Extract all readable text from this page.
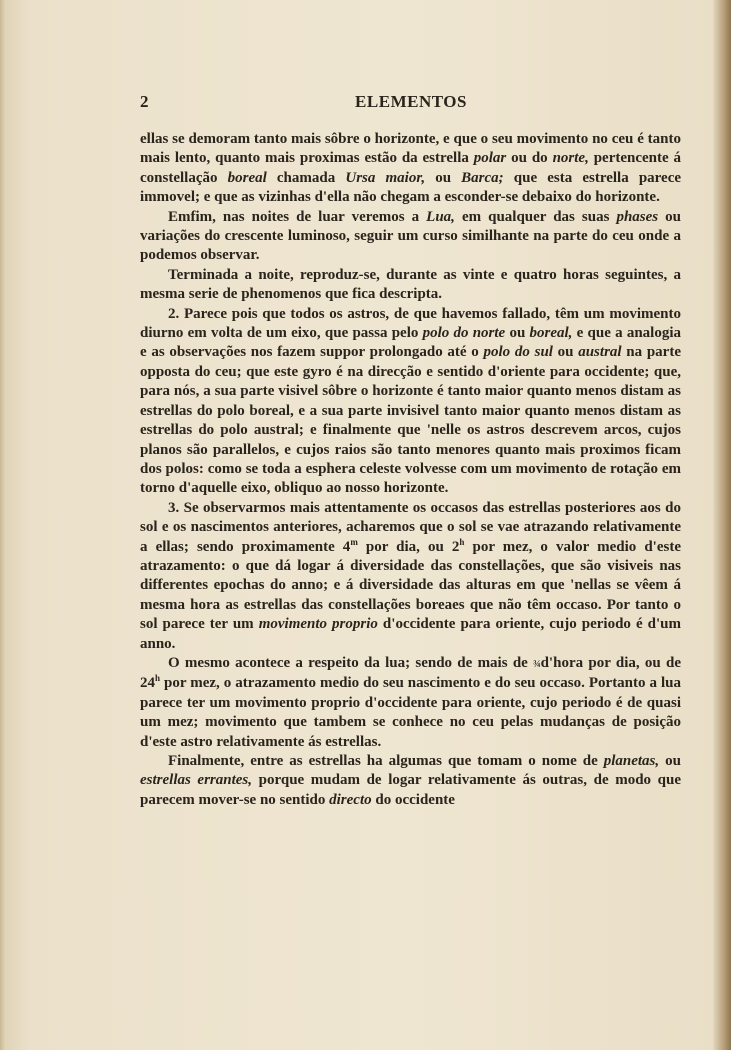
2	ELEMENTOS

ellas se demoram tanto mais sôbre o horizonte, e que o seu movimento no ceu é tanto mais lento, quanto mais proximas estão da estrella polar ou do norte, pertencente á constellação boreal chamada Ursa maior, ou Barca; que esta estrella parece immovel; e que as vizinhas d'ella não chegam a esconder-se debaixo do horizonte.

Emfim, nas noites de luar veremos a Lua, em qualquer das suas phases ou variações do crescente luminoso, seguir um curso similhante na parte do ceu onde a podemos observar.

Terminada a noite, reproduz-se, durante as vinte e quatro horas seguintes, a mesma serie de phenomenos que fica descripta.

2. Parece pois que todos os astros, de que havemos fallado, têm um movimento diurno em volta de um eixo, que passa pelo polo do norte ou boreal, e que a analogia e as observações nos fazem suppor prolongado até o polo do sul ou austral na parte opposta do ceu; que este gyro é na direcção e sentido d'oriente para occidente; que, para nós, a sua parte visivel sôbre o horizonte é tanto maior quanto menos distam as estrellas do polo boreal, e a sua parte invisivel tanto maior quanto menos distam as estrellas do polo austral; e finalmente que 'nelle os astros descrevem arcos, cujos planos são parallelos, e cujos raios são tanto menores quanto mais proximos ficam dos polos: como se toda a esphera celeste volvesse com um movimento de rotação em torno d'aquelle eixo, obliquo ao nosso horizonte.

3. Se observarmos mais attentamente os occasos das estrellas posteriores aos do sol e os nascimentos anteriores, acharemos que o sol se vae atrazando relativamente a ellas; sendo proximamente 4$^m$ por dia, ou 2$^h$ por mez, o valor medio d'este atrazamento: o que dá logar á diversidade das constellações, que são visiveis nas differentes epochas do anno; e á diversidade das alturas em que 'nellas se vêem á mesma hora as estrellas das constellações boreaes que não têm occaso. Por tanto o sol parece ter um movimento proprio d'occidente para oriente, cujo periodo é d'um anno.

O mesmo acontece a respeito da lua; sendo de mais de ¾d'hora por dia, ou de 24$^h$ por mez, o atrazamento medio do seu nascimento e do seu occaso. Portanto a lua parece ter um movimento proprio d'occidente para oriente, cujo periodo é de quasi um mez; movimento que tambem se conhece no ceu pelas mudanças de posição d'este astro relativamente ás estrellas.

Finalmente, entre as estrellas ha algumas que tomam o nome de planetas, ou estrellas errantes, porque mudam de logar relativamente ás outras, de modo que parecem mover-se no sentido directo do occidente
